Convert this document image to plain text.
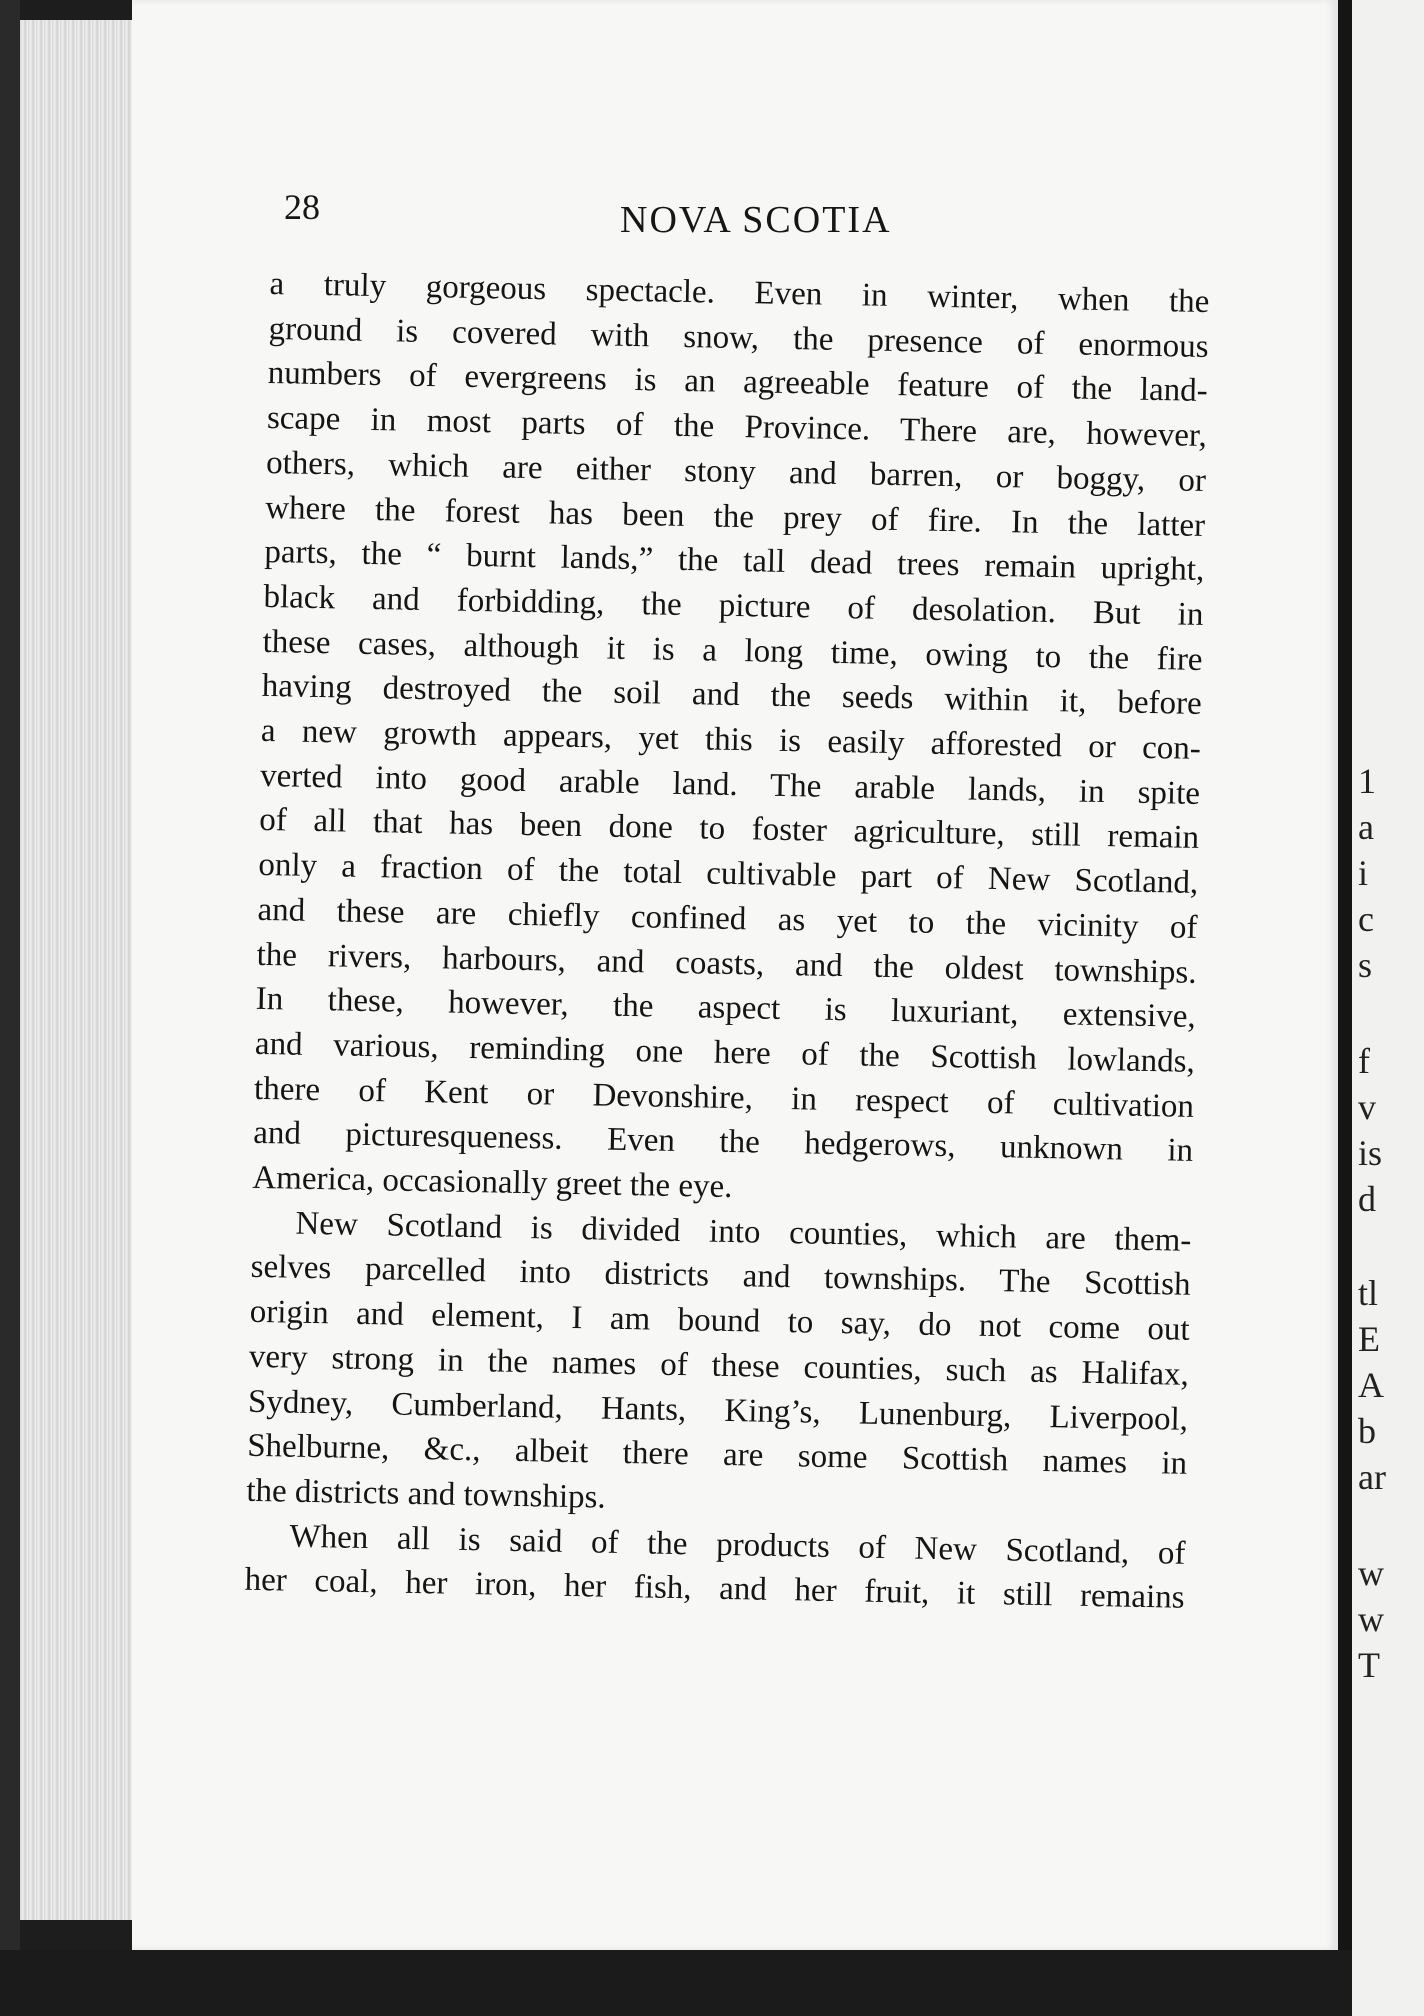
28	NOVA SCOTIA

a truly gorgeous spectacle. Even in winter, when the

ground is covered with snow, the presence of enormous

numbers of evergreens is an agreeable feature of the land-

scape in most parts of the Province. There are, however,

others, which are either stony and barren, or boggy, or

where the forest has been the prey of fire. In the latter

parts, the “ burnt lands,” the tall dead trees remain upright,

black and forbidding, the picture of desolation. But in

these cases, although it is a long time, owing to the fire

having destroyed the soil and the seeds within it, before

a new growth appears, yet this is easily afforested or con-

verted into good arable land. The arable lands, in spite

of all that has been done to foster agriculture, still remain

only a fraction of the total cultivable part of New Scotland,

and these are chiefly confined as yet to the vicinity of

the rivers, harbours, and coasts, and the oldest townships.

In these, however, the aspect is luxuriant, extensive,

and various, reminding one here of the Scottish lowlands,

there of Kent or Devonshire, in respect of cultivation

and picturesqueness. Even the hedgerows, unknown in

America, occasionally greet the eye.

New Scotland is divided into counties, which are them-

selves parcelled into districts and townships. The Scottish

origin and element, I am bound to say, do not come out

very strong in the names of these counties, such as Halifax,

Sydney, Cumberland, Hants, King’s, Lunenburg, Liverpool,

Shelburne, &c., albeit there are some Scottish names in

the districts and townships.

When all is said of the products of New Scotland, of

her coal, her iron, her fish, and her fruit, it still remains

1
a
i
c
s
f
v
is
d
tl
E
A
b
ar
w
w
T
